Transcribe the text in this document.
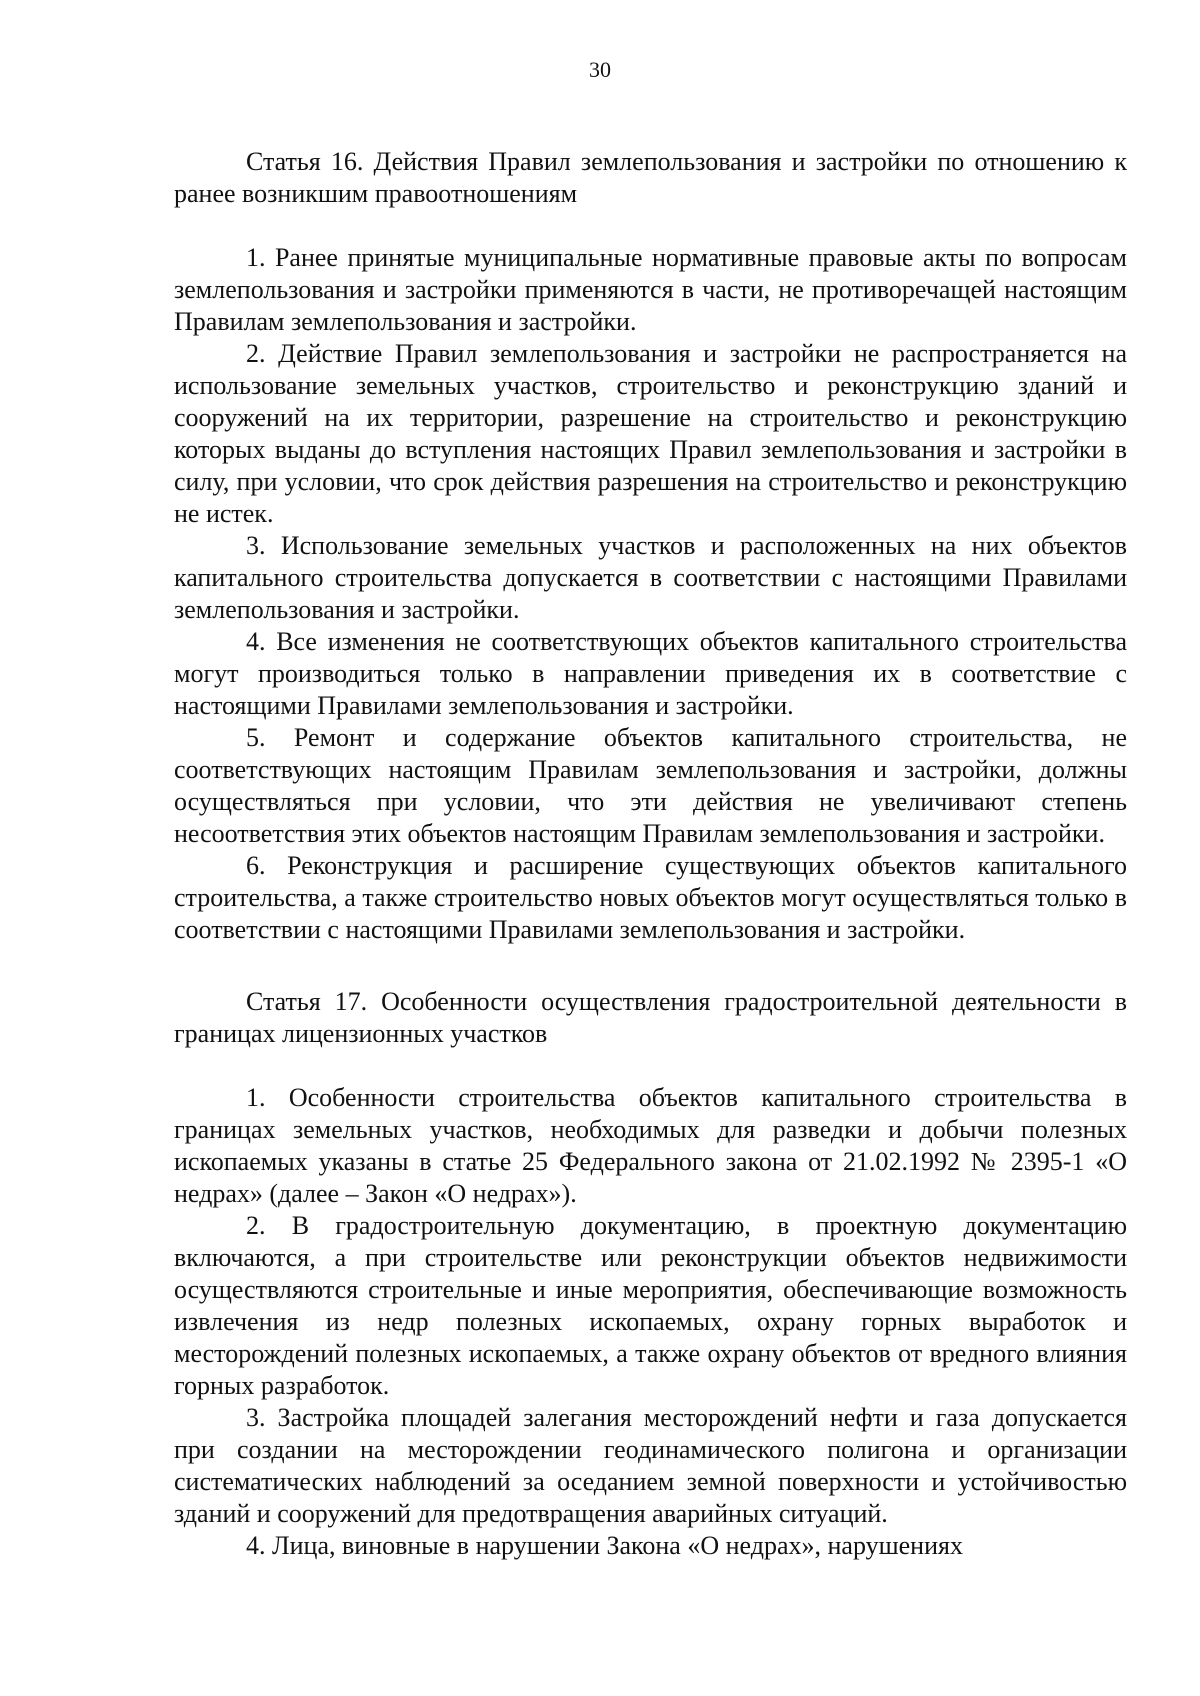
30

Статья 16. Действия Правил землепользования и застройки по отношению к ранее возникшим правоотношениям

1. Ранее принятые муниципальные нормативные правовые акты по вопросам землепользования и застройки применяются в части, не противоречащей настоящим Правилам землепользования и застройки.

2. Действие Правил землепользования и застройки не распространяется на использование земельных участков, строительство и реконструкцию зданий и сооружений на их территории, разрешение на строительство и реконструкцию которых выданы до вступления настоящих Правил землепользования и застройки в силу, при условии, что срок действия разрешения на строительство и реконструкцию не истек.

3. Использование земельных участков и расположенных на них объектов капитального строительства допускается в соответствии с настоящими Правилами землепользования и застройки.

4. Все изменения не соответствующих объектов капитального строительства могут производиться только в направлении приведения их в соответствие с настоящими Правилами землепользования и застройки.

5. Ремонт и содержание объектов капитального строительства, не соответствующих настоящим Правилам землепользования и застройки, должны осуществляться при условии, что эти действия не увеличивают степень несоответствия этих объектов настоящим Правилам землепользования и застройки.

6. Реконструкция и расширение существующих объектов капитального строительства, а также строительство новых объектов могут осуществляться только в соответствии с настоящими Правилами землепользования и застройки.

Статья 17. Особенности осуществления градостроительной деятельности в границах лицензионных участков

1. Особенности строительства объектов капитального строительства в границах земельных участков, необходимых для разведки и добычи полезных ископаемых указаны в статье 25 Федерального закона от 21.02.1992 № 2395-1 «О недрах» (далее – Закон «О недрах»).

2. В градостроительную документацию, в проектную документацию включаются, а при строительстве или реконструкции объектов недвижимости осуществляются строительные и иные мероприятия, обеспечивающие возможность извлечения из недр полезных ископаемых, охрану горных выработок и месторождений полезных ископаемых, а также охрану объектов от вредного влияния горных разработок.

3. Застройка площадей залегания месторождений нефти и газа допускается при создании на месторождении геодинамического полигона и организации систематических наблюдений за оседанием земной поверхности и устойчивостью зданий и сооружений для предотвращения аварийных ситуаций.

4. Лица, виновные в нарушении Закона «О недрах», нарушениях
